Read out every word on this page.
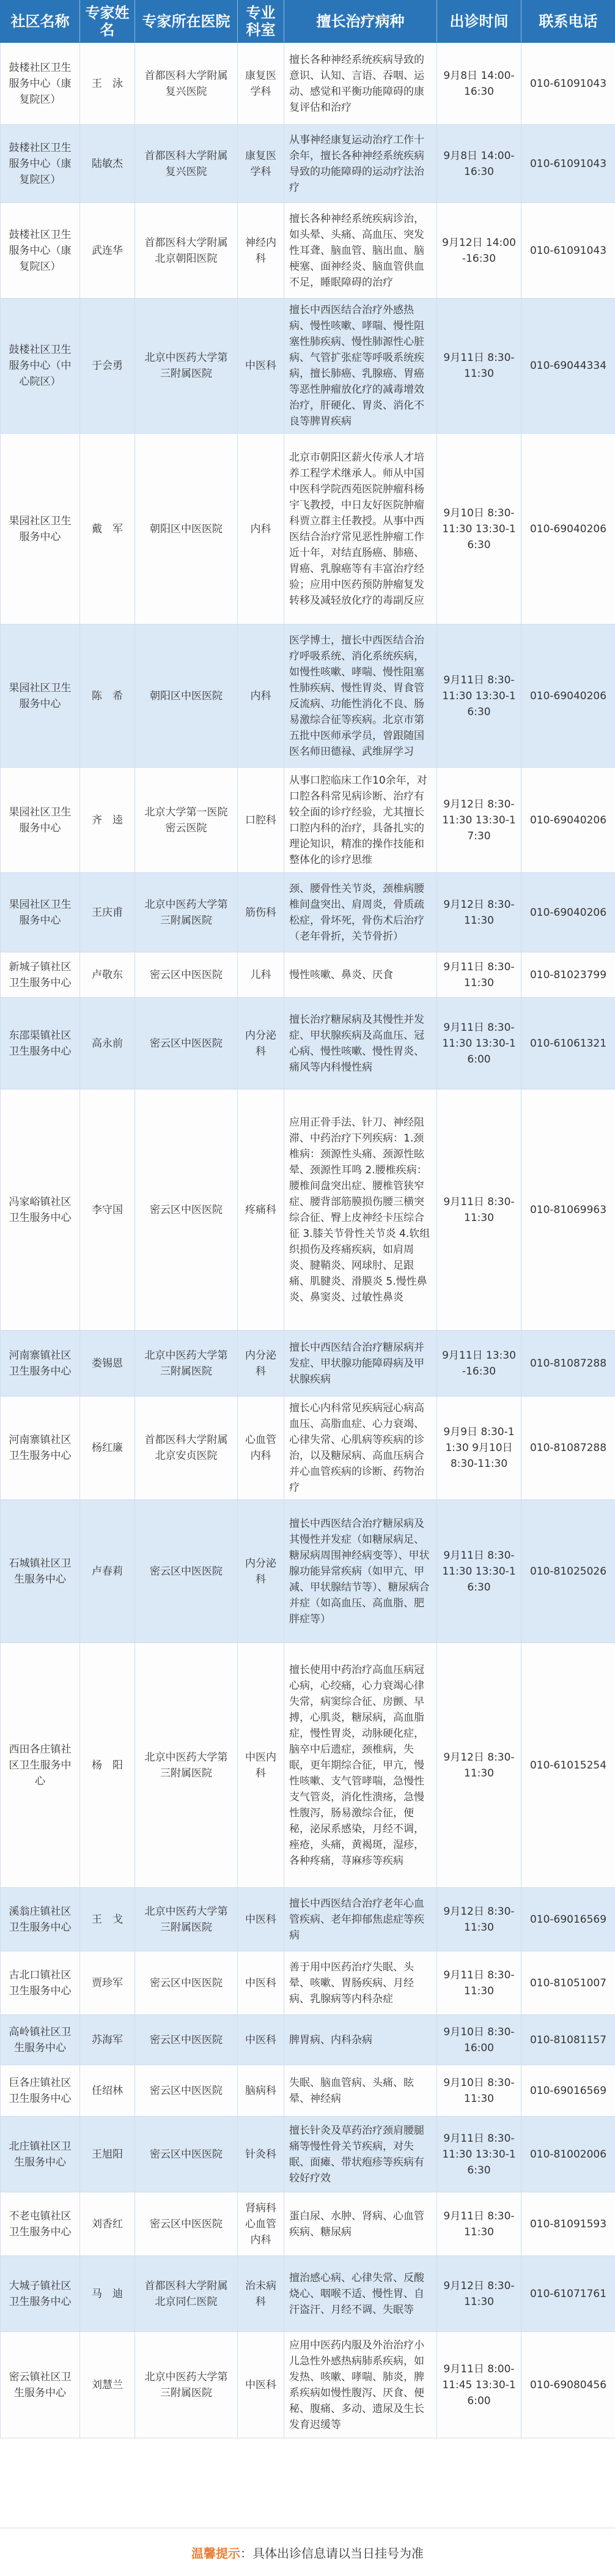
社区名称	专家姓名	专家所在医院	专业科室	擅长治疗病种	出诊时间	联系电话
鼓楼社区卫生服务中心（康复院区）	王　泳	首都医科大学附属复兴医院	康复医学科	擅长各种神经系统疾病导致的意识、认知、言语、吞咽、运动、感觉和平衡功能障碍的康复评估和治疗	9月8日 14:00-16:30	010-61091043
鼓楼社区卫生服务中心（康复院区）	陆敏杰	首都医科大学附属复兴医院	康复医学科	从事神经康复运动治疗工作十余年，擅长各种神经系统疾病导致的功能障碍的运动疗法治疗	9月8日 14:00-16:30	010-61091043
鼓楼社区卫生服务中心（康复院区）	武连华	首都医科大学附属北京朝阳医院	神经内科	擅长各种神经系统疾病诊治，如头晕、头痛、高血压、突发性耳聋、脑血管、脑出血、脑梗塞、面神经炎、脑血管供血不足，睡眠障碍的治疗	9月12日 14:00-16:30	010-61091043
鼓楼社区卫生服务中心（中心院区）	于会勇	北京中医药大学第三附属医院	中医科	擅长中西医结合治疗外感热病、慢性咳嗽、哮喘、慢性阻塞性肺疾病、慢性肺源性心脏病、气管扩张症等呼吸系统疾病，擅长肺癌、乳腺癌、胃癌等恶性肿瘤放化疗的减毒增效治疗，肝硬化、胃炎、消化不良等脾胃疾病	9月11日 8:30-11:30	010-69044334
果园社区卫生服务中心	戴　军	朝阳区中医医院	内科	北京市朝阳区薪火传承人才培养工程学术继承人。师从中国中医科学院西苑医院肿瘤科杨宇飞教授，中日友好医院肿瘤科贾立群主任教授。从事中西医结合治疗常见恶性肿瘤工作近十年，对结直肠癌、肺癌、胃癌、乳腺癌等有丰富治疗经验；应用中医药预防肿瘤复发转移及减轻放化疗的毒副反应	9月10日 8:30-11:30 13:30-16:30	010-69040206
果园社区卫生服务中心	陈　希	朝阳区中医医院	内科	医学博士，擅长中西医结合治疗呼吸系统、消化系统疾病，如慢性咳嗽、哮喘、慢性阻塞性肺疾病、慢性胃炎、胃食管反流病、功能性消化不良、肠易激综合征等疾病。北京市第五批中医师承学员，曾跟随国医名师田德禄、武维屏学习	9月11日 8:30-11:30 13:30-16:30	010-69040206
果园社区卫生服务中心	齐　逵	北京大学第一医院密云医院	口腔科	从事口腔临床工作10余年，对口腔各科常见病诊断、治疗有较全面的诊疗经验，尤其擅长口腔内科的治疗，具备扎实的理论知识，精准的操作技能和整体化的诊疗思维	9月12日 8:30-11:30 13:30-17:30	010-69040206
果园社区卫生服务中心	王庆甫	北京中医药大学第三附属医院	筋伤科	颈、腰骨性关节炎，颈椎病腰椎间盘突出、肩周炎，骨质疏松症，骨坏死，骨伤术后治疗（老年骨折，关节骨折）	9月12日 8:30-11:30	010-69040206
新城子镇社区卫生服务中心	卢敬东	密云区中医医院	儿科	慢性咳嗽、鼻炎、厌食	9月11日 8:30-11:30	010-81023799
东邵渠镇社区卫生服务中心	高永前	密云区中医医院	内分泌科	擅长治疗糖尿病及其慢性并发症、甲状腺疾病及高血压、冠心病、慢性咳嗽、慢性胃炎、痛风等内科慢性病	9月11日 8:30-11:30 13:30-16:00	010-61061321
冯家峪镇社区卫生服务中心	李守国	密云区中医医院	疼痛科	应用正骨手法、针刀、神经阻滞、中药治疗下列疾病：1.颈椎病：颈源性头痛、颈源性眩晕、颈源性耳鸣 2.腰椎疾病：腰椎间盘突出症、腰椎管狭窄症、腰背部筋膜损伤腰三横突综合征、臀上皮神经卡压综合征 3.膝关节骨性关节炎 4.软组织损伤及疼痛疾病，如肩周炎、腱鞘炎、网球肘、足跟痛、肌腱炎、滑膜炎 5.慢性鼻炎、鼻窦炎、过敏性鼻炎	9月11日 8:30-11:30	010-81069963
河南寨镇社区卫生服务中心	娄锡恩	北京中医药大学第三附属医院	内分泌科	擅长中西医结合治疗糖尿病并发症、甲状腺功能障碍病及甲状腺疾病	9月11日 13:30-16:30	010-81087288
河南寨镇社区卫生服务中心	杨红廉	首都医科大学附属北京安贞医院	心血管内科	擅长心内科常见疾病冠心病高血压、高脂血症、心力衰竭、心律失常、心肌病等疾病的诊治，以及糖尿病、高血压病合并心血管疾病的诊断、药物治疗	9月9日 8:30-11:30 9月10日 8:30-11:30	010-81087288
石城镇社区卫生服务中心	卢春莉	密云区中医医院	内分泌科	擅长中西医结合治疗糖尿病及其慢性并发症（如糖尿病足、糖尿病周围神经病变等）、甲状腺功能异常疾病（如甲亢、甲减、甲状腺结节等）、糖尿病合并症（如高血压、高血脂、肥胖症等）	9月11日 8:30-11:30 13:30-16:30	010-81025026
西田各庄镇社区卫生服务中心	杨　阳	北京中医药大学第三附属医院	中医内科	擅长使用中药治疗高血压病冠心病，心绞痛，心力衰竭心律失常，病窦综合征、房颤、早搏，心肌炎，糖尿病，高血脂症，慢性胃炎，动脉硬化症，脑卒中后遗症，颈椎病，失眠，更年期综合征，甲亢，慢性咳嗽、支气管哮喘，急慢性支气管炎，消化性溃疡，急慢性腹泻，肠易激综合征，便秘，泌尿系感染，月经不调，痤疮，头痛，黄褐斑，湿疹，各种疼痛，荨麻疹等疾病	9月12日 8:30-11:30	010-61015254
溪翁庄镇社区卫生服务中心	王　戈	北京中医药大学第三附属医院	中医科	擅长中西医结合治疗老年心血管疾病、老年抑郁焦虑症等疾病	9月12日 8:30-11:30	010-69016569
古北口镇社区卫生服务中心	贾珍军	密云区中医医院	中医科	善于用中医药治疗失眠、头晕、咳嗽、胃肠疾病、月经病、乳腺病等内科杂症	9月11日 8:30-11:30	010-81051007
高岭镇社区卫生服务中心	苏海军	密云区中医医院	中医科	脾胃病、内科杂病	9月10日 8:30-16:00	010-81081157
巨各庄镇社区卫生服务中心	任绍林	密云区中医医院	脑病科	失眠、脑血管病、头痛、眩晕、神经病	9月10日 8:30-11:30	010-69016569
北庄镇社区卫生服务中心	王旭阳	密云区中医医院	针灸科	擅长针灸及草药治疗颈肩腰腿痛等慢性骨关节疾病，对失眠、面瘫、带状疱疹等疾病有较好疗效	9月11日 8:30-11:30 13:30-16:30	010-81002006
不老屯镇社区卫生服务中心	刘香红	密云区中医医院	肾病科 心血管内科	蛋白尿、水肿、肾病、心血管疾病、糖尿病	9月11日 8:30-11:30	010-81091593
大城子镇社区卫生服务中心	马　迪	首都医科大学附属北京同仁医院	治未病科	擅治感心病、心律失常、反酸烧心、咽喉不适、慢性胃、自汗盗汗、月经不调、失眠等	9月12日 8:30-11:30	010-61071761
密云镇社区卫生服务中心	刘慧兰	北京中医药大学第三附属医院	中医科	应用中医药内服及外治治疗小儿急性外感热病肺系疾病，如发热、咳嗽、哮喘、肺炎，脾系疾病如慢性腹泻、厌食、便秘、腹痛、多动、遗尿及生长发育迟缓等	9月11日 8:00-11:45 13:30-16:00	010-69080456
温馨提示 ：具体出诊信息请以当日挂号为准
